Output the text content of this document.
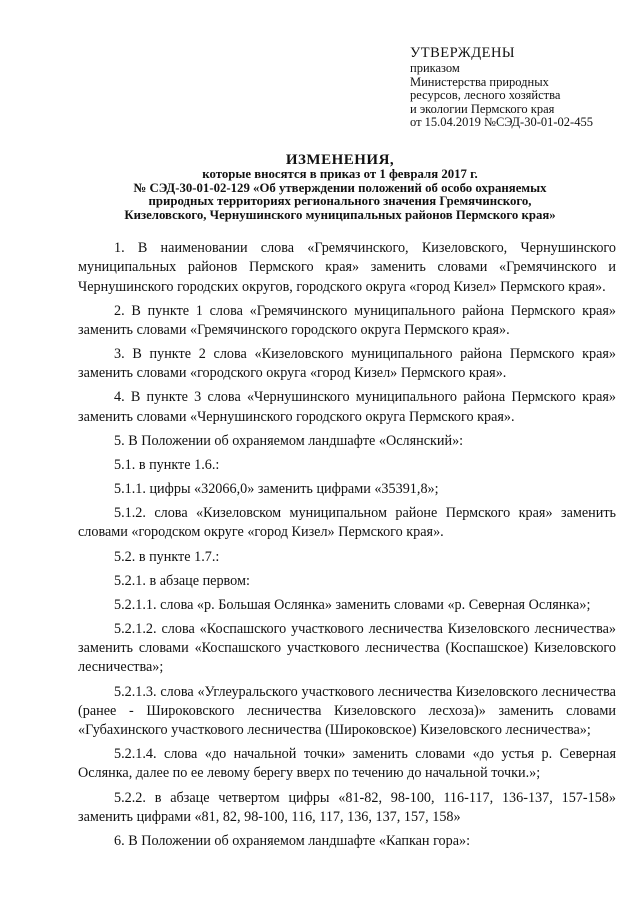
УТВЕРЖДЕНЫ
приказом
Министерства природных
ресурсов, лесного хозяйства
и экологии Пермского края
от 15.04.2019 №СЭД-30-01-02-455
ИЗМЕНЕНИЯ,
которые вносятся в приказ от 1 февраля 2017 г.
№ СЭД-30-01-02-129 «Об утверждении положений об особо охраняемых
природных территориях регионального значения Гремячинского,
Кизеловского, Чернушинского муниципальных районов Пермского края»

1. В наименовании слова «Гремячинского, Кизеловского, Чернушинского муниципальных районов Пермского края» заменить словами «Гремячинского и Чернушинского городских округов, городского округа «город Кизел» Пермского края».

2. В пункте 1 слова «Гремячинского муниципального района Пермского края» заменить словами «Гремячинского городского округа Пермского края».

3. В пункте 2 слова «Кизеловского муниципального района Пермского края» заменить словами «городского округа «город Кизел» Пермского края».

4. В пункте 3 слова «Чернушинского муниципального района Пермского края» заменить словами «Чернушинского городского округа Пермского края».

5. В Положении об охраняемом ландшафте «Ослянский»:

5.1. в пункте 1.6.:

5.1.1. цифры «32066,0» заменить цифрами «35391,8»;

5.1.2. слова «Кизеловском муниципальном районе Пермского края» заменить словами «городском округе «город Кизел» Пермского края».

5.2. в пункте 1.7.:

5.2.1. в абзаце первом:

5.2.1.1. слова «р. Большая Ослянка» заменить словами «р. Северная Ослянка»;

5.2.1.2. слова «Коспашского участкового лесничества Кизеловского лесничества» заменить словами «Коспашского участкового лесничества (Коспашское) Кизеловского лесничества»;

5.2.1.3. слова «Углеуральского участкового лесничества Кизеловского лесничества (ранее - Широковского лесничества Кизеловского лесхоза)» заменить словами «Губахинского участкового лесничества (Широковское) Кизеловского лесничества»;

5.2.1.4. слова «до начальной точки» заменить словами «до устья р. Северная Ослянка, далее по ее левому берегу вверх по течению до начальной точки.»;

5.2.2. в абзаце четвертом цифры «81-82, 98-100, 116-117, 136-137, 157-158» заменить цифрами «81, 82, 98-100, 116, 117, 136, 137, 157, 158»

6. В Положении об охраняемом ландшафте «Капкан гора»:
